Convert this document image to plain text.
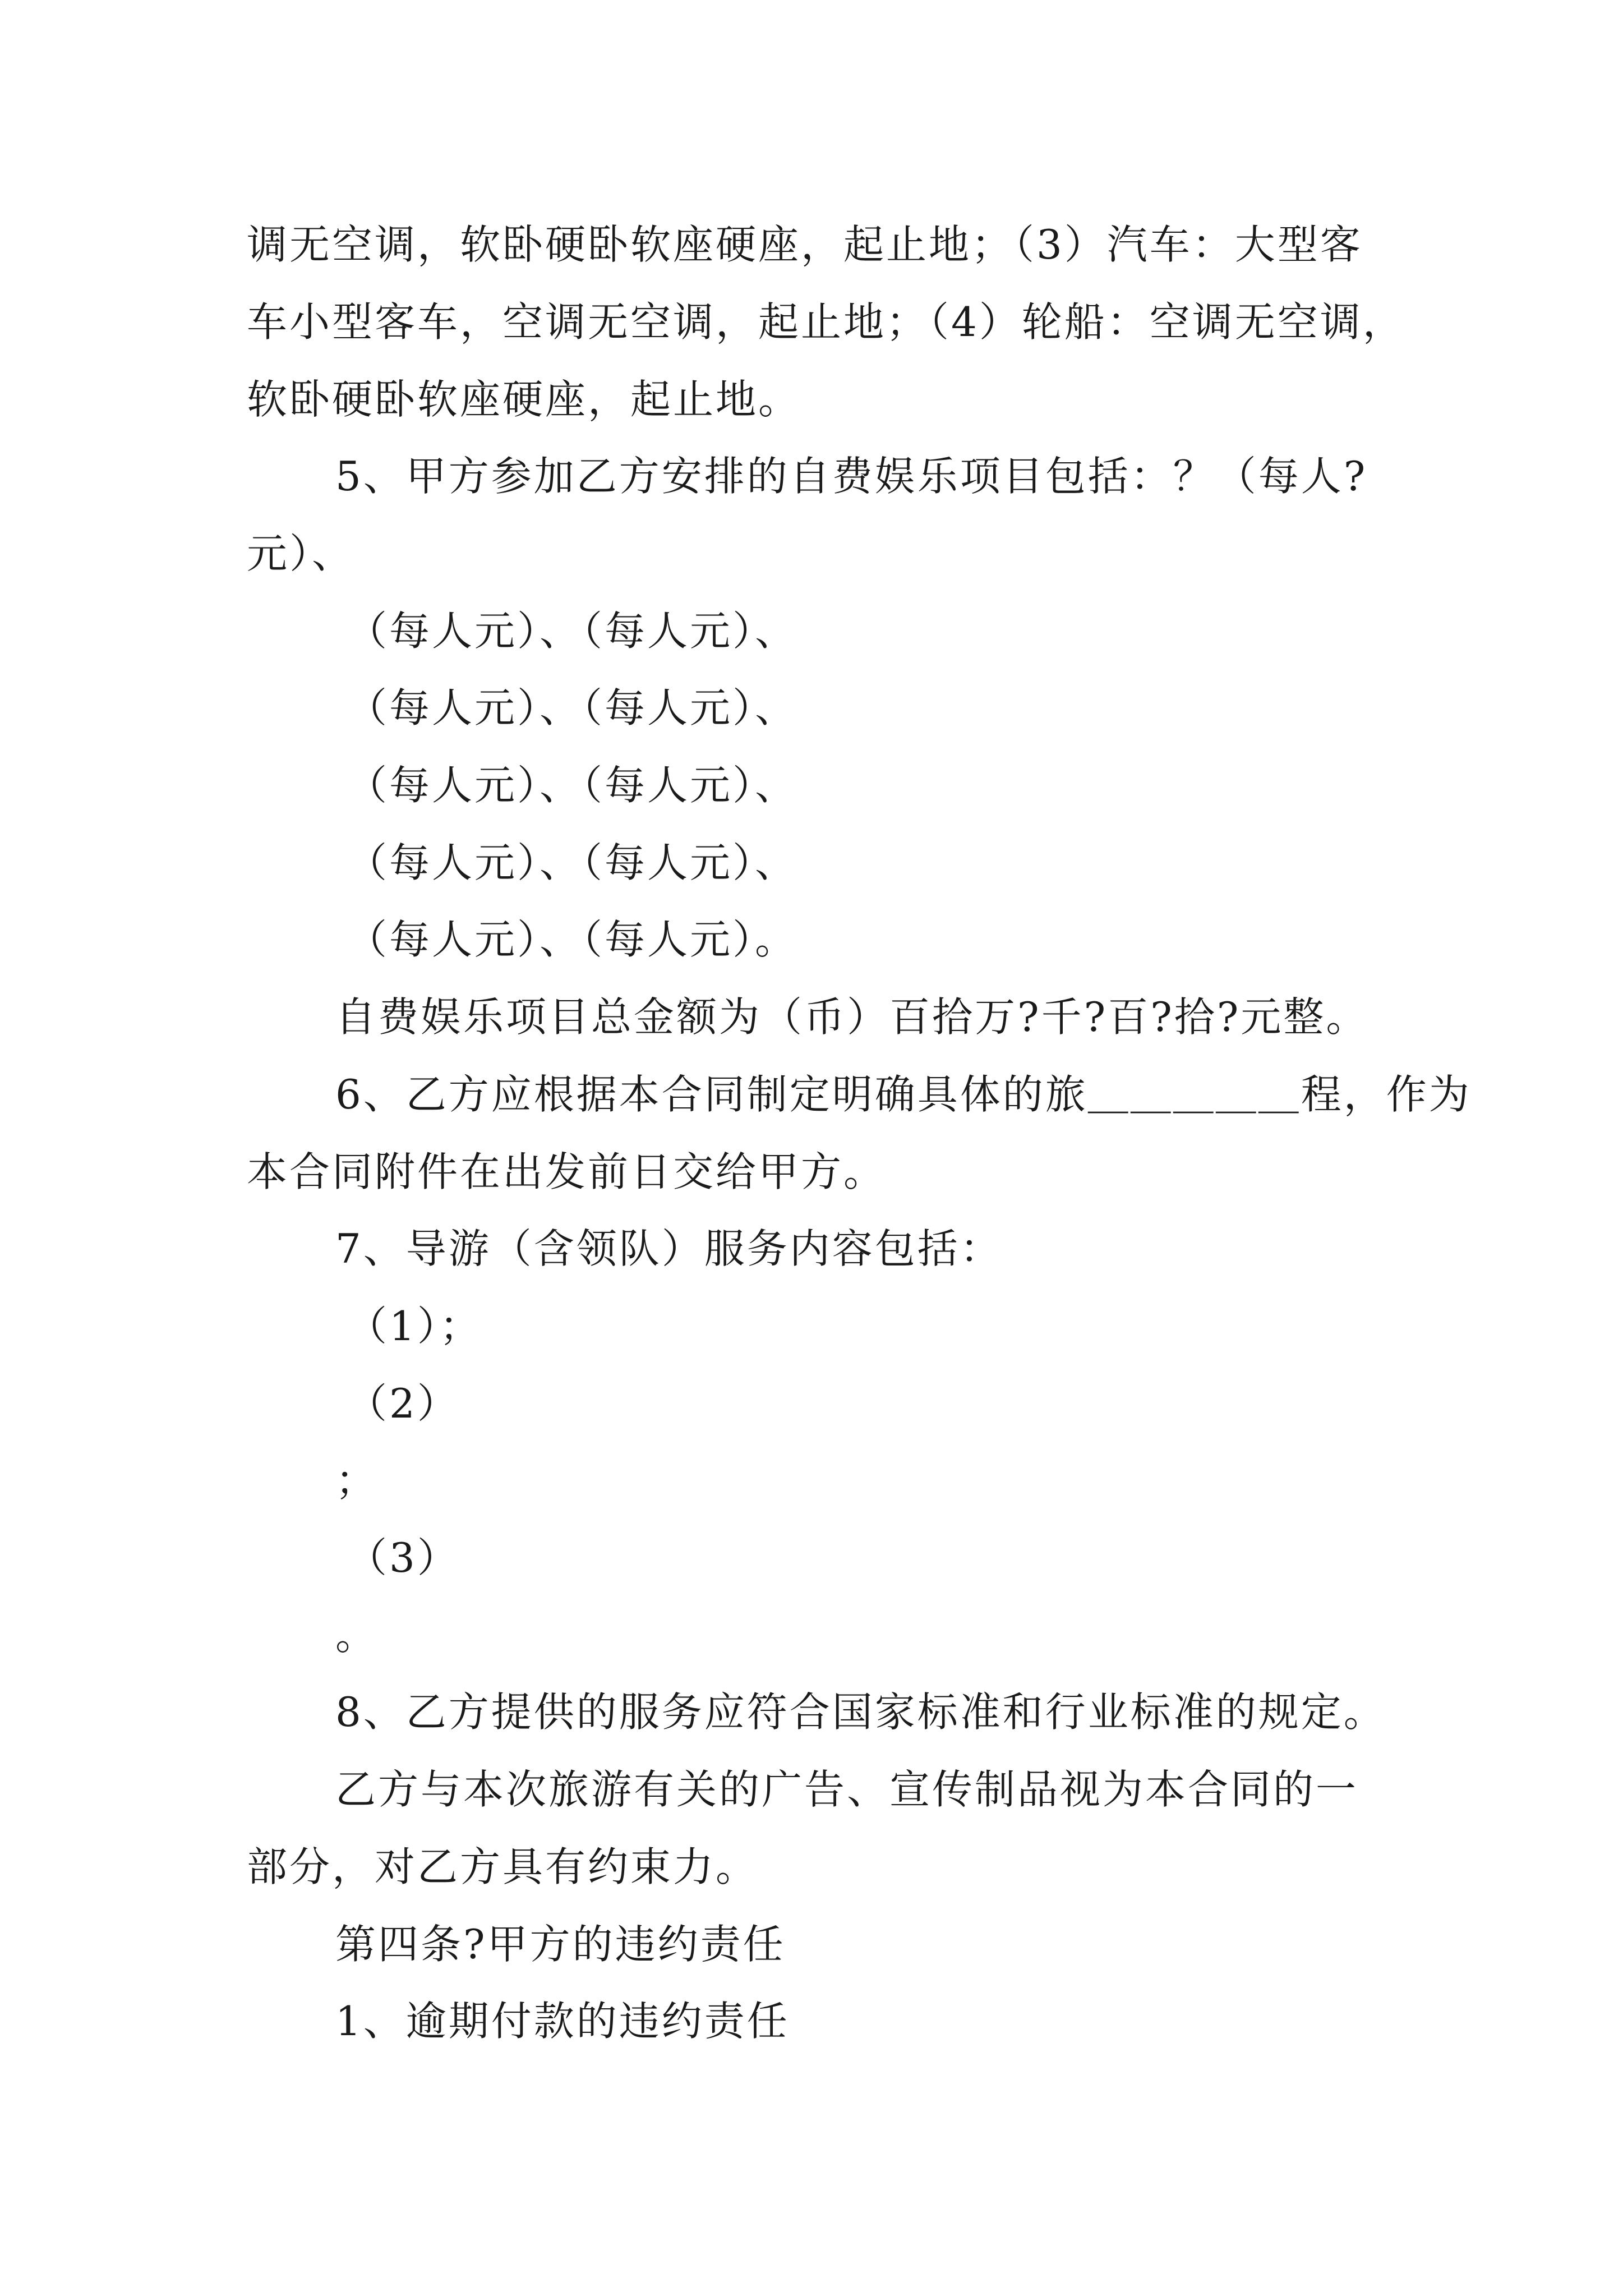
调无空调，软卧硬卧软座硬座，起止地；（3）汽车：大型客
车小型客车，空调无空调，起止地；（4）轮船：空调无空调，
软卧硬卧软座硬座，起止地。
5、甲方参加乙方安排的自费娱乐项目包括：？（每人?
元）、
（每人元）、（每人元）、
（每人元）、（每人元）、
（每人元）、（每人元）、
（每人元）、（每人元）、
（每人元）、（每人元）。
自费娱乐项目总金额为（币）百拾万?千?百?拾?元整。
6、乙方应根据本合同制定明确具体的旅＿＿＿＿＿程，作为
本合同附件在出发前日交给甲方。
7、导游（含领队）服务内容包括：
（1）；
（2）
；
（3）
。
8、乙方提供的服务应符合国家标准和行业标准的规定。
乙方与本次旅游有关的广告、宣传制品视为本合同的一
部分，对乙方具有约束力。
第四条?甲方的违约责任
1、逾期付款的违约责任
